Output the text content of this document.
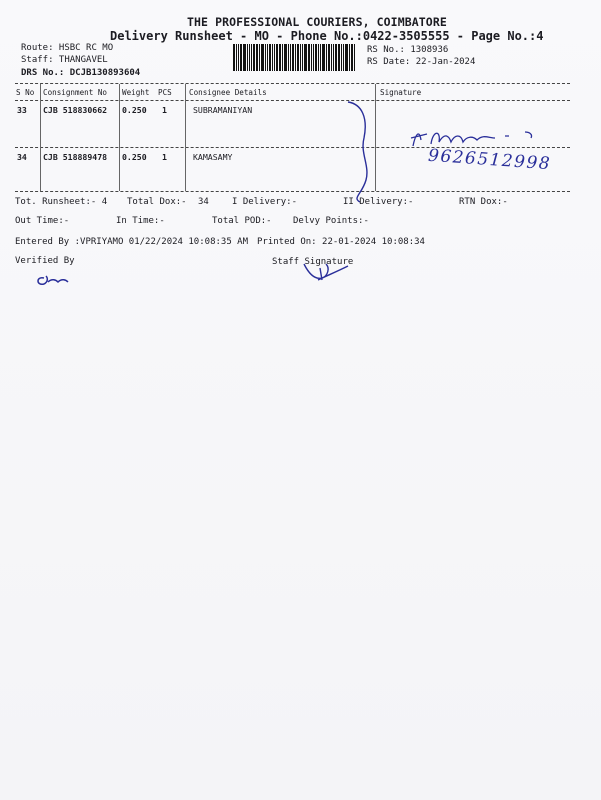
THE PROFESSIONAL COURIERS, COIMBATORE
Delivery Runsheet - MO - Phone No.:0422-3505555 - Page No.:4
Route: HSBC RC MO
Staff: THANGAVEL
DRS No.: DCJB130893604
RS No.: 1308936
RS Date: 22-Jan-2024
S No Consignment No Weight PCS Consignee Details	Signature
33 CJB 518830662 0.250 1	SUBRAMANIYAN
34 CJB 518889478 0.250 1	KAMASAMY	9626512998
Tot. Runsheet:- 4 Total Dox:- 34	I Delivery:-	II Delivery:-	RTN Dox:-
Out Time:-	In Time:-	Total POD:- Delvy Points:-
Entered By :VPRIYAMO 01/22/2024 10:08:35 AM Printed On: 22-01-2024 10:08:34
Verified By	Staff Signature
